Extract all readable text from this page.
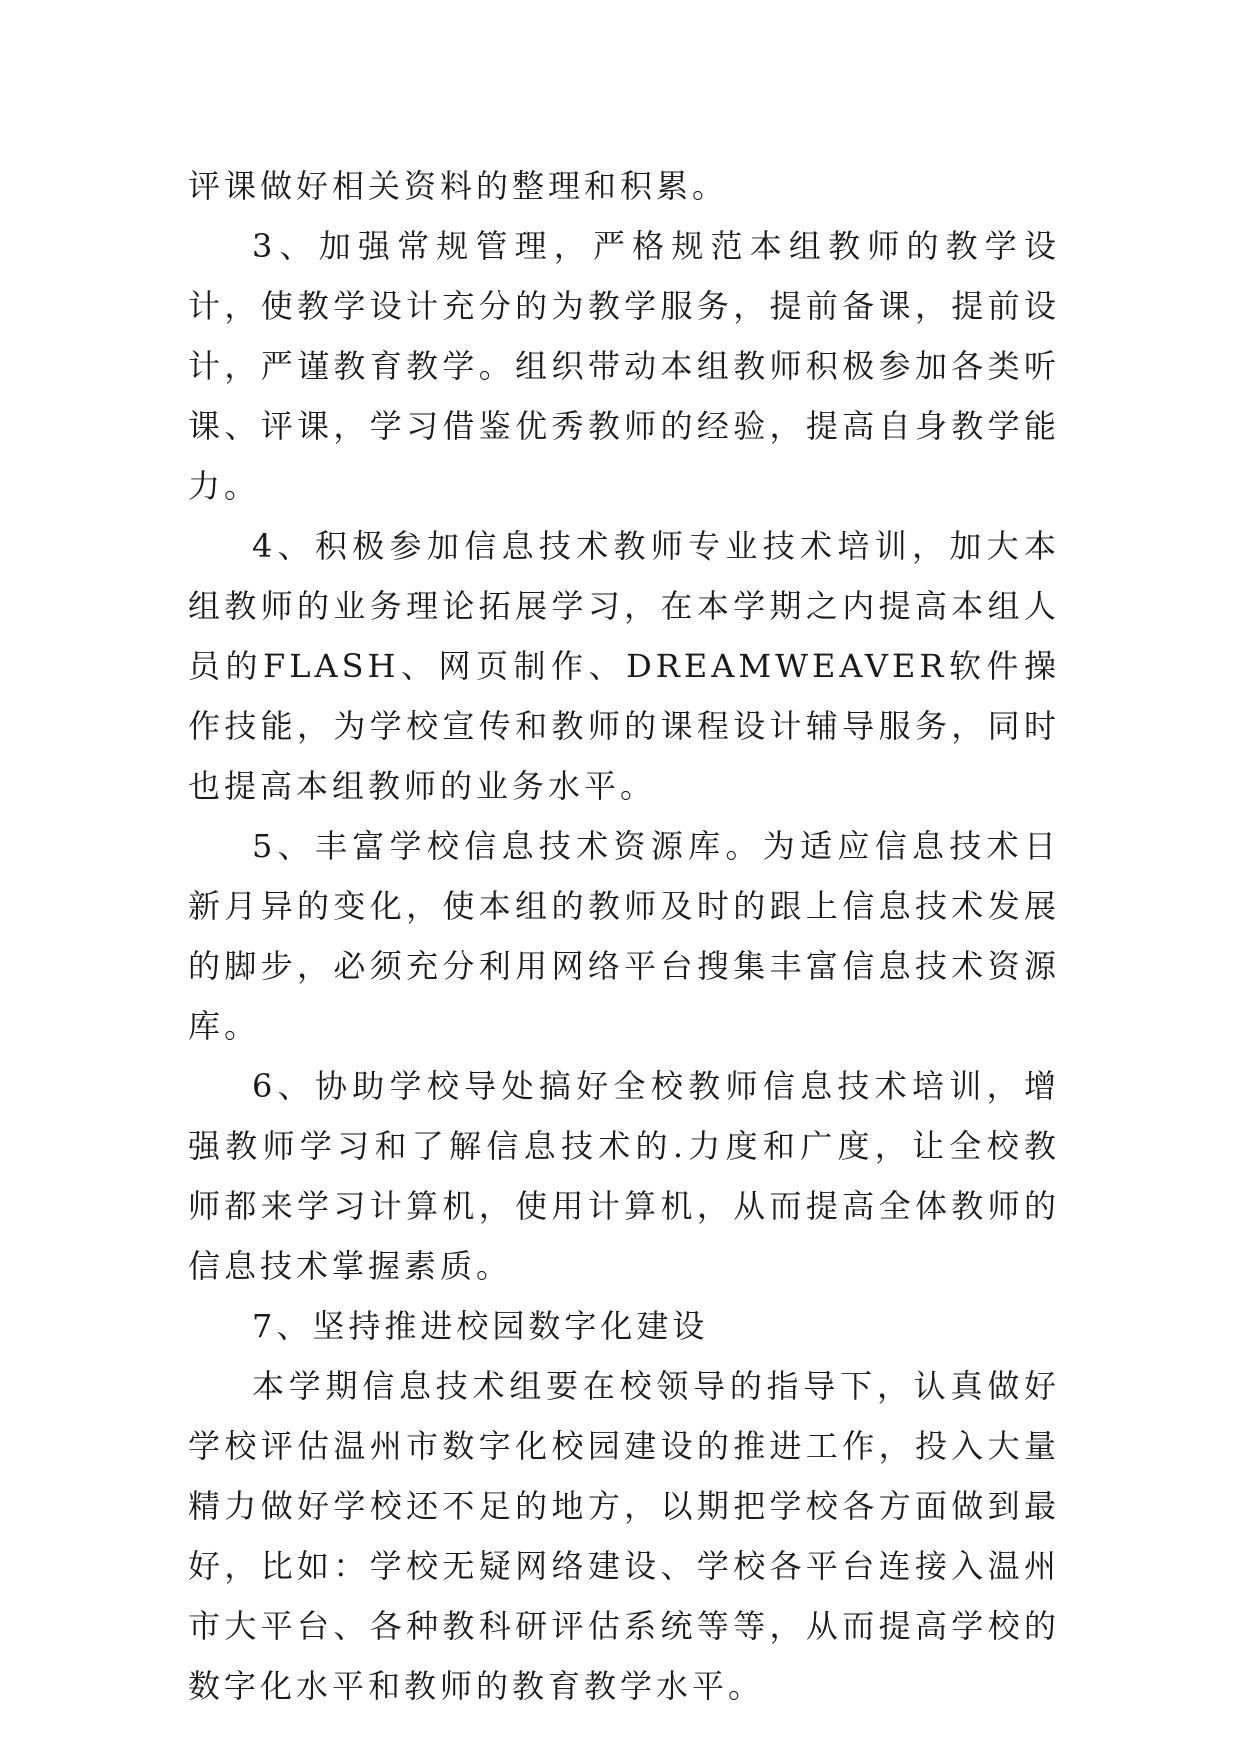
评课做好相关资料的整理和积累。

3、加强常规管理，严格规范本组教师的教学设计，使教学设计充分的为教学服务，提前备课，提前设计，严谨教育教学。组织带动本组教师积极参加各类听课、评课，学习借鉴优秀教师的经验，提高自身教学能力。

4、积极参加信息技术教师专业技术培训，加大本组教师的业务理论拓展学习，在本学期之内提高本组人员的FLASH、网页制作、DREAMWEAVER软件操作技能，为学校宣传和教师的课程设计辅导服务，同时也提高本组教师的业务水平。

5、丰富学校信息技术资源库。为适应信息技术日新月异的变化，使本组的教师及时的跟上信息技术发展的脚步，必须充分利用网络平台搜集丰富信息技术资源库。

6、协助学校导处搞好全校教师信息技术培训，增强教师学习和了解信息技术的.力度和广度，让全校教师都来学习计算机，使用计算机，从而提高全体教师的信息技术掌握素质。

7、坚持推进校园数字化建设

本学期信息技术组要在校领导的指导下，认真做好学校评估温州市数字化校园建设的推进工作，投入大量精力做好学校还不足的地方，以期把学校各方面做到最好，比如：学校无疑网络建设、学校各平台连接入温州市大平台、各种教科研评估系统等等，从而提高学校的数字化水平和教师的教育教学水平。
